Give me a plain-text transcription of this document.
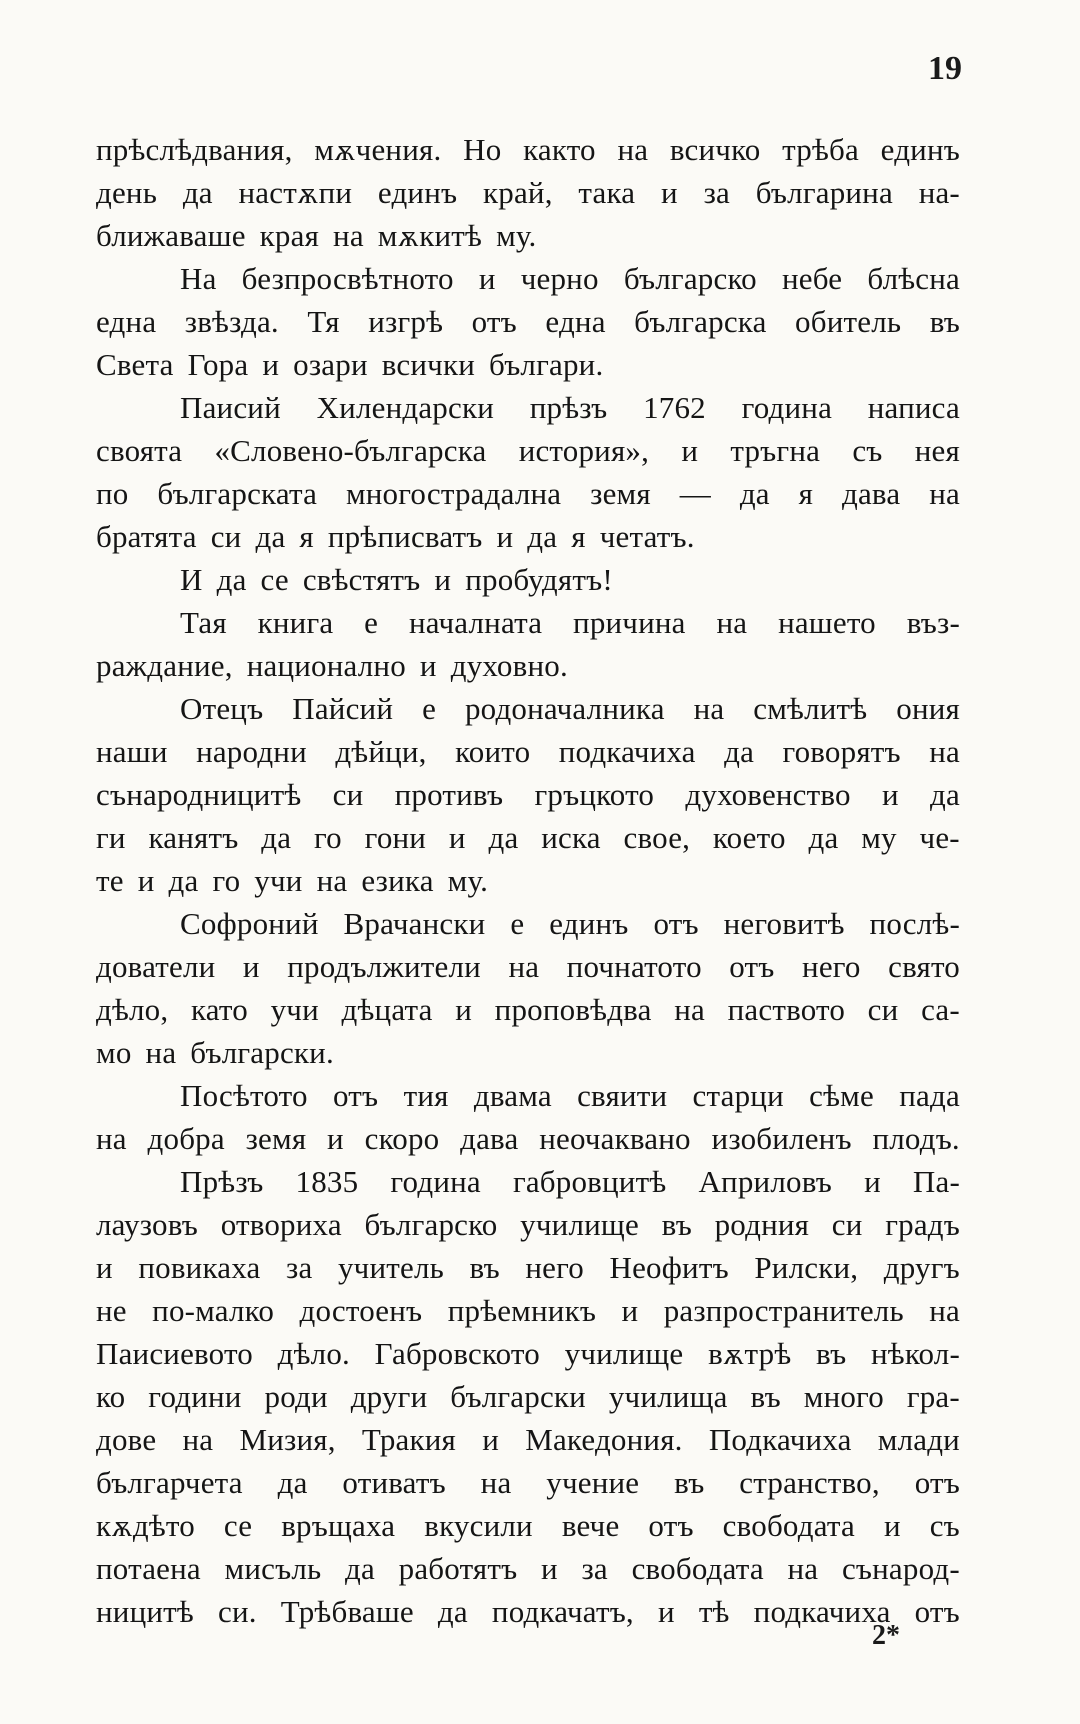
19
прѣслѣдвания, мѫчения. Но както на всичко трѣба единъ
день да настѫпи единъ край, така и за българина на-
ближаваше края на мѫкитѣ му.
На безпросвѣтното и черно българско небе блѣсна
една звѣзда. Тя изгрѣ отъ една българска обитель въ
Света Гора и озари всички българи.
Паисий Хилендарски прѣзъ 1762 година написа
своята «Словено-българска история», и тръгна съ нея
по българската многострадална земя — да я дава на
братята си да я прѣписватъ и да я четатъ.
И да се свѣстятъ и пробудятъ!
Тая книга е началната причина на нашето въз-
раждание, национално и духовно.
Отецъ Пайсий е родоначалника на смѣлитѣ ония
наши народни дѣйци, които подкачиха да говорятъ на
сънародницитѣ си противъ гръцкото духовенство и да
ги канятъ да го гони и да иска свое, което да му че-
те и да го учи на езика му.
Софроний Врачански е единъ отъ неговитѣ послѣ-
дователи и продължители на почнатото отъ него свято
дѣло, като учи дѣцата и проповѣдва на паството си са-
мо на български.
Посѣтото отъ тия двама свяити старци сѣме пада
на добра земя и скоро дава неочаквано изобиленъ плодъ.
Прѣзъ 1835 година габровцитѣ Априловъ и Па-
лаузовъ отвориха българско училище въ родния си градъ
и повикаха за учитель въ него Неофитъ Рилски, другъ
не по-малко достоенъ прѣемникъ и разпространитель на
Паисиевото дѣло. Габровското училище вѫтрѣ въ нѣкол-
ко години роди други български училища въ много гра-
дове на Мизия, Тракия и Македония. Подкачиха млади
българчета да отиватъ на учение въ странство, отъ
кѫдѣто се връщаха вкусили вече отъ свободата и съ
потаена мисъль да работятъ и за свободата на сънарод-
ницитѣ си. Трѣбваше да подкачатъ, и тѣ подкачиха отъ
2*
